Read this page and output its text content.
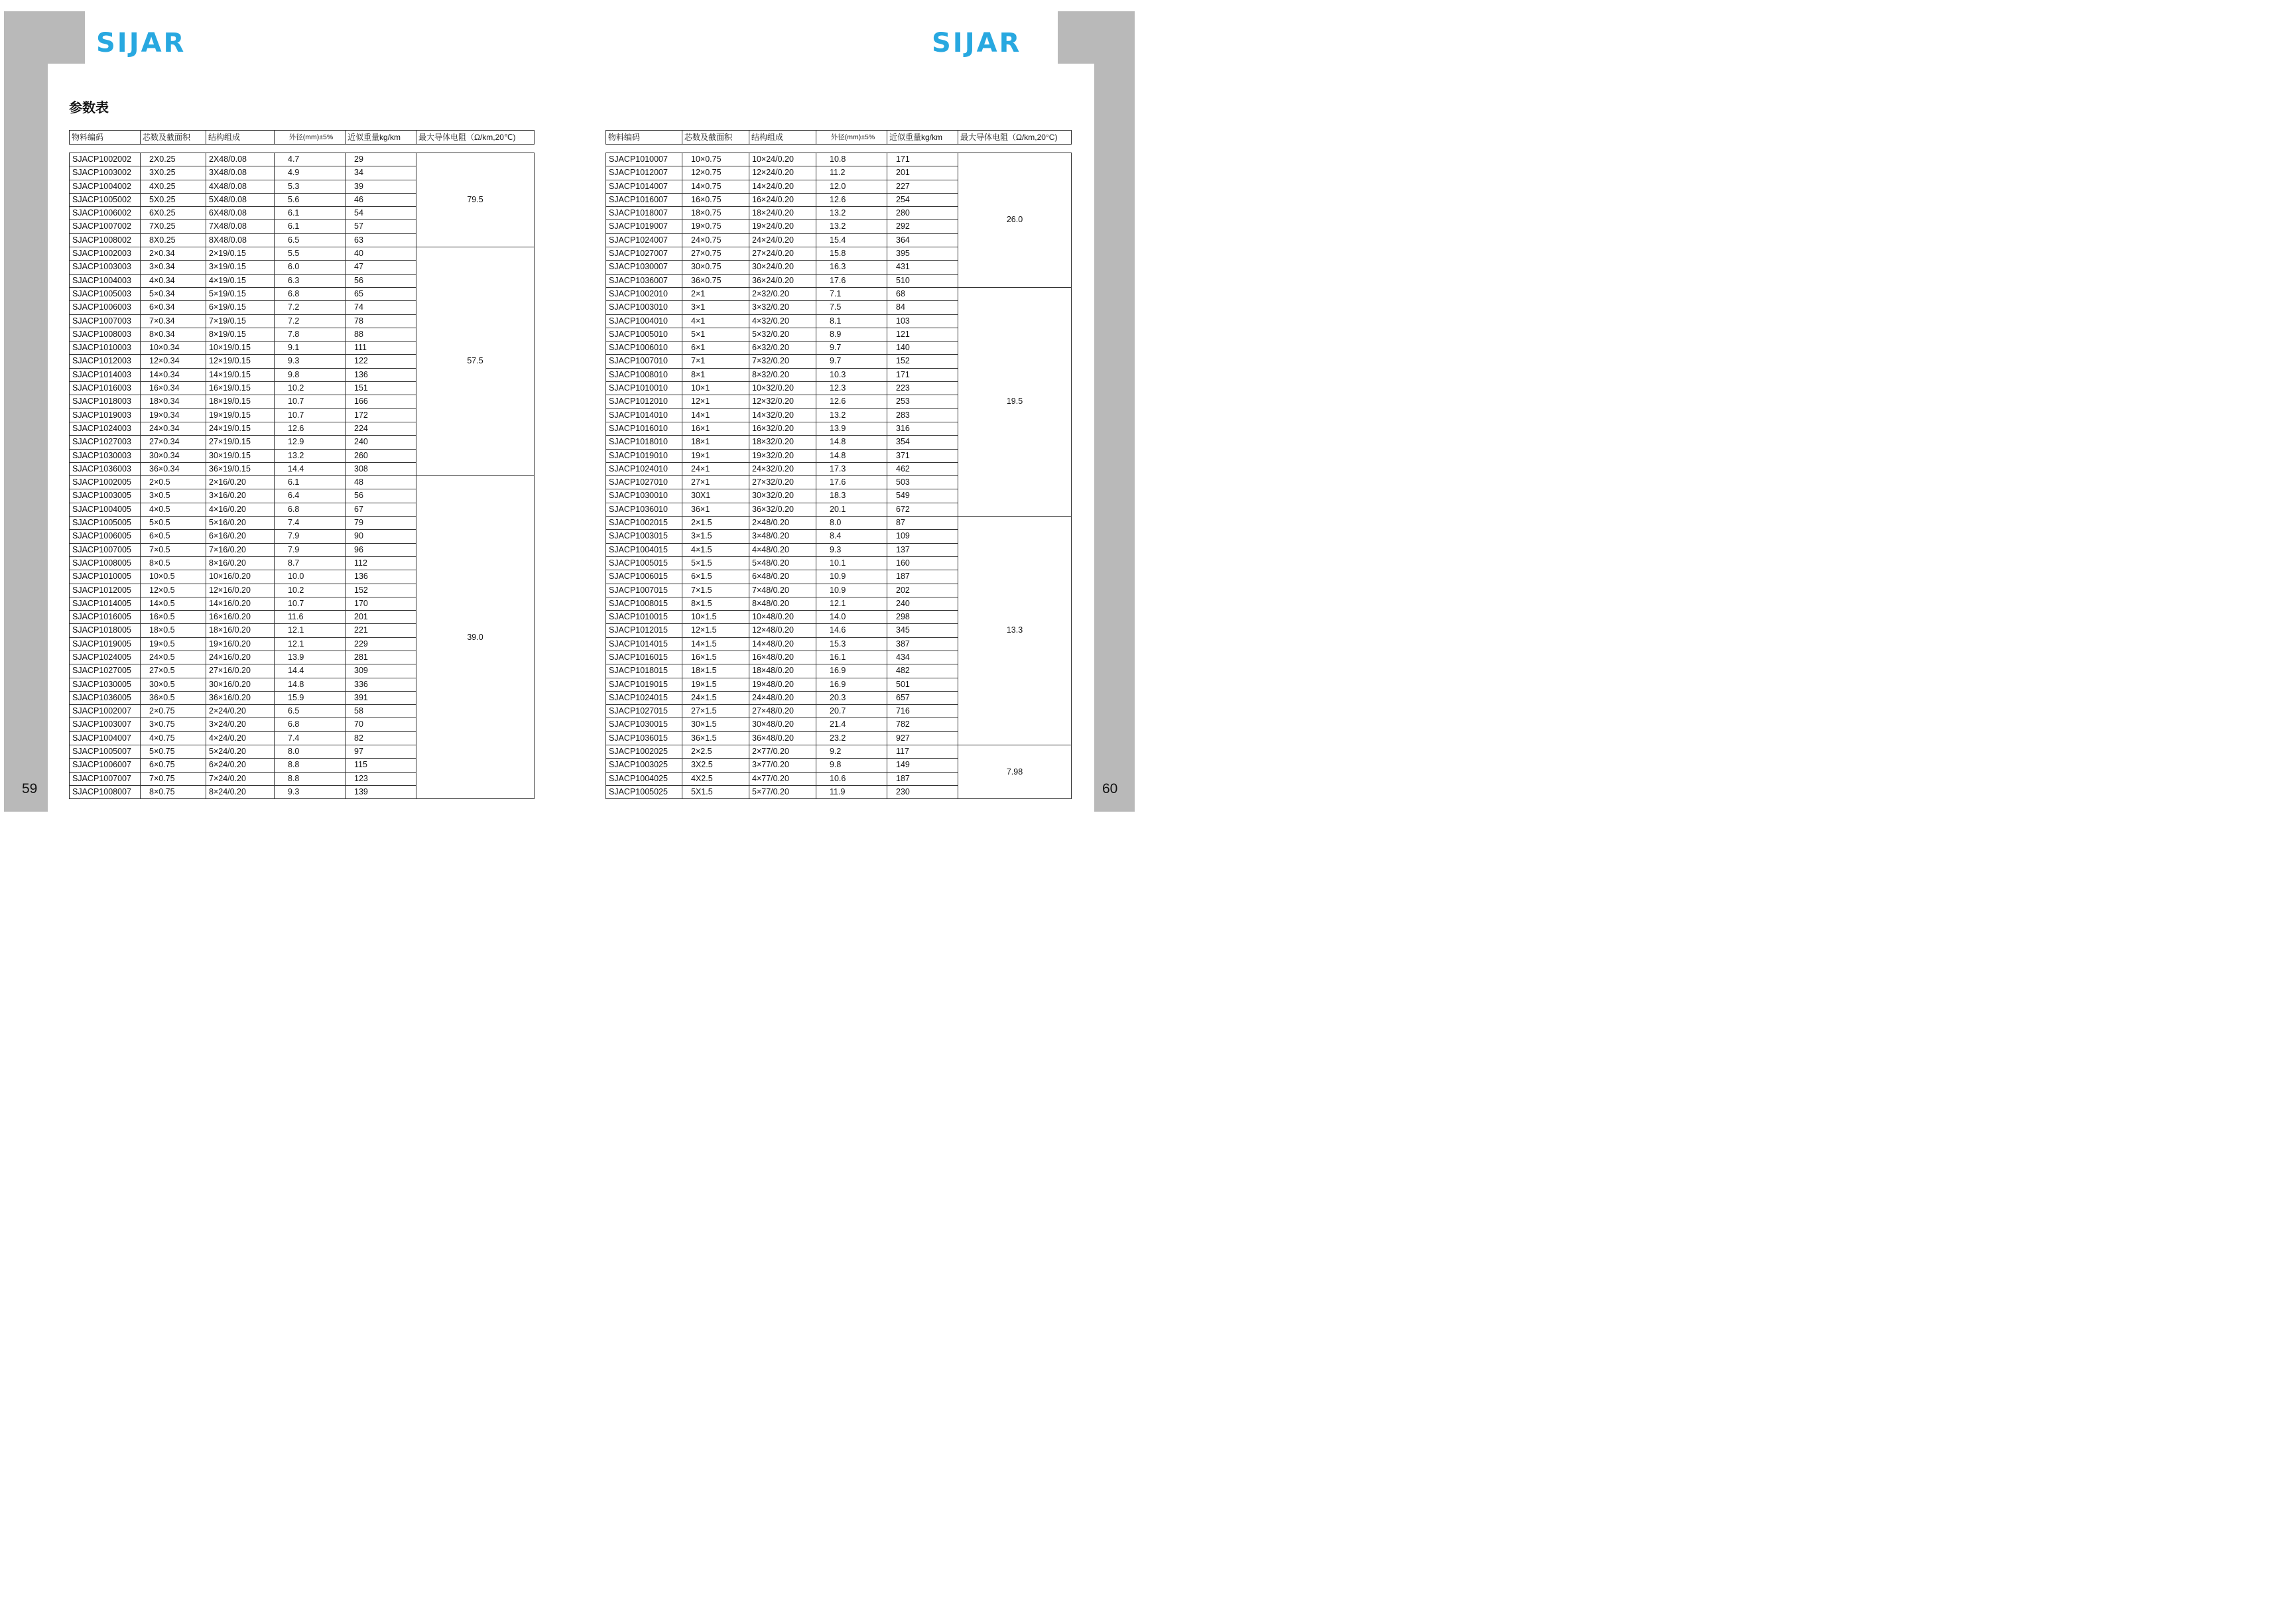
SIJAR	SIJAR
参数表
59	60
物料编码	芯数及截面积	结构组成	外径(mm)±5%	近似重量kg/km	最大导体电阻（Ω/km,20℃)

SJACP1002002	2X0.25	2X48/0.08	4.7	29	79.5
SJACP1003002	3X0.25	3X48/0.08	4.9	34	
SJACP1004002	4X0.25	4X48/0.08	5.3	39	
SJACP1005002	5X0.25	5X48/0.08	5.6	46	
SJACP1006002	6X0.25	6X48/0.08	6.1	54	
SJACP1007002	7X0.25	7X48/0.08	6.1	57	
SJACP1008002	8X0.25	8X48/0.08	6.5	63	
SJACP1002003	2×0.34	2×19/0.15	5.5	40	57.5
SJACP1003003	3×0.34	3×19/0.15	6.0	47	
SJACP1004003	4×0.34	4×19/0.15	6.3	56	
SJACP1005003	5×0.34	5×19/0.15	6.8	65	
SJACP1006003	6×0.34	6×19/0.15	7.2	74	
SJACP1007003	7×0.34	7×19/0.15	7.2	78	
SJACP1008003	8×0.34	8×19/0.15	7.8	88	
SJACP1010003	10×0.34	10×19/0.15	9.1	111	
SJACP1012003	12×0.34	12×19/0.15	9.3	122	
SJACP1014003	14×0.34	14×19/0.15	9.8	136	
SJACP1016003	16×0.34	16×19/0.15	10.2	151	
SJACP1018003	18×0.34	18×19/0.15	10.7	166	
SJACP1019003	19×0.34	19×19/0.15	10.7	172	
SJACP1024003	24×0.34	24×19/0.15	12.6	224	
SJACP1027003	27×0.34	27×19/0.15	12.9	240	
SJACP1030003	30×0.34	30×19/0.15	13.2	260	
SJACP1036003	36×0.34	36×19/0.15	14.4	308	
SJACP1002005	2×0.5	2×16/0.20	6.1	48	39.0
SJACP1003005	3×0.5	3×16/0.20	6.4	56	
SJACP1004005	4×0.5	4×16/0.20	6.8	67	
SJACP1005005	5×0.5	5×16/0.20	7.4	79	
SJACP1006005	6×0.5	6×16/0.20	7.9	90	
SJACP1007005	7×0.5	7×16/0.20	7.9	96	
SJACP1008005	8×0.5	8×16/0.20	8.7	112	
SJACP1010005	10×0.5	10×16/0.20	10.0	136	
SJACP1012005	12×0.5	12×16/0.20	10.2	152	
SJACP1014005	14×0.5	14×16/0.20	10.7	170	
SJACP1016005	16×0.5	16×16/0.20	11.6	201	
SJACP1018005	18×0.5	18×16/0.20	12.1	221	
SJACP1019005	19×0.5	19×16/0.20	12.1	229	
SJACP1024005	24×0.5	24×16/0.20	13.9	281	
SJACP1027005	27×0.5	27×16/0.20	14.4	309	
SJACP1030005	30×0.5	30×16/0.20	14.8	336	
SJACP1036005	36×0.5	36×16/0.20	15.9	391	
SJACP1002007	2×0.75	2×24/0.20	6.5	58	
SJACP1003007	3×0.75	3×24/0.20	6.8	70	
SJACP1004007	4×0.75	4×24/0.20	7.4	82	
SJACP1005007	5×0.75	5×24/0.20	8.0	97	
SJACP1006007	6×0.75	6×24/0.20	8.8	115	
SJACP1007007	7×0.75	7×24/0.20	8.8	123	
SJACP1008007	8×0.75	8×24/0.20	9.3	139	
物料编码	芯数及截面积	结构组成	外径(mm)±5%	近似重量kg/km	最大导体电阻（Ω/km,20°C)

SJACP1010007	10×0.75	10×24/0.20	10.8	171	26.0
SJACP1012007	12×0.75	12×24/0.20	11.2	201	
SJACP1014007	14×0.75	14×24/0.20	12.0	227	
SJACP1016007	16×0.75	16×24/0.20	12.6	254	
SJACP1018007	18×0.75	18×24/0.20	13.2	280	
SJACP1019007	19×0.75	19×24/0.20	13.2	292	
SJACP1024007	24×0.75	24×24/0.20	15.4	364	
SJACP1027007	27×0.75	27×24/0.20	15.8	395	
SJACP1030007	30×0.75	30×24/0.20	16.3	431	
SJACP1036007	36×0.75	36×24/0.20	17.6	510	
SJACP1002010	2×1	2×32/0.20	7.1	68	19.5
SJACP1003010	3×1	3×32/0.20	7.5	84	
SJACP1004010	4×1	4×32/0.20	8.1	103	
SJACP1005010	5×1	5×32/0.20	8.9	121	
SJACP1006010	6×1	6×32/0.20	9.7	140	
SJACP1007010	7×1	7×32/0.20	9.7	152	
SJACP1008010	8×1	8×32/0.20	10.3	171	
SJACP1010010	10×1	10×32/0.20	12.3	223	
SJACP1012010	12×1	12×32/0.20	12.6	253	
SJACP1014010	14×1	14×32/0.20	13.2	283	
SJACP1016010	16×1	16×32/0.20	13.9	316	
SJACP1018010	18×1	18×32/0.20	14.8	354	
SJACP1019010	19×1	19×32/0.20	14.8	371	
SJACP1024010	24×1	24×32/0.20	17.3	462	
SJACP1027010	27×1	27×32/0.20	17.6	503	
SJACP1030010	30X1	30×32/0.20	18.3	549	
SJACP1036010	36×1	36×32/0.20	20.1	672	
SJACP1002015	2×1.5	2×48/0.20	8.0	87	13.3
SJACP1003015	3×1.5	3×48/0.20	8.4	109	
SJACP1004015	4×1.5	4×48/0.20	9.3	137	
SJACP1005015	5×1.5	5×48/0.20	10.1	160	
SJACP1006015	6×1.5	6×48/0.20	10.9	187	
SJACP1007015	7×1.5	7×48/0.20	10.9	202	
SJACP1008015	8×1.5	8×48/0.20	12.1	240	
SJACP1010015	10×1.5	10×48/0.20	14.0	298	
SJACP1012015	12×1.5	12×48/0.20	14.6	345	
SJACP1014015	14×1.5	14×48/0.20	15.3	387	
SJACP1016015	16×1.5	16×48/0.20	16.1	434	
SJACP1018015	18×1.5	18×48/0.20	16.9	482	
SJACP1019015	19×1.5	19×48/0.20	16.9	501	
SJACP1024015	24×1.5	24×48/0.20	20.3	657	
SJACP1027015	27×1.5	27×48/0.20	20.7	716	
SJACP1030015	30×1.5	30×48/0.20	21.4	782	
SJACP1036015	36×1.5	36×48/0.20	23.2	927	
SJACP1002025	2×2.5	2×77/0.20	9.2	117	7.98
SJACP1003025	3X2.5	3×77/0.20	9.8	149	
SJACP1004025	4X2.5	4×77/0.20	10.6	187	
SJACP1005025	5X1.5	5×77/0.20	11.9	230	
